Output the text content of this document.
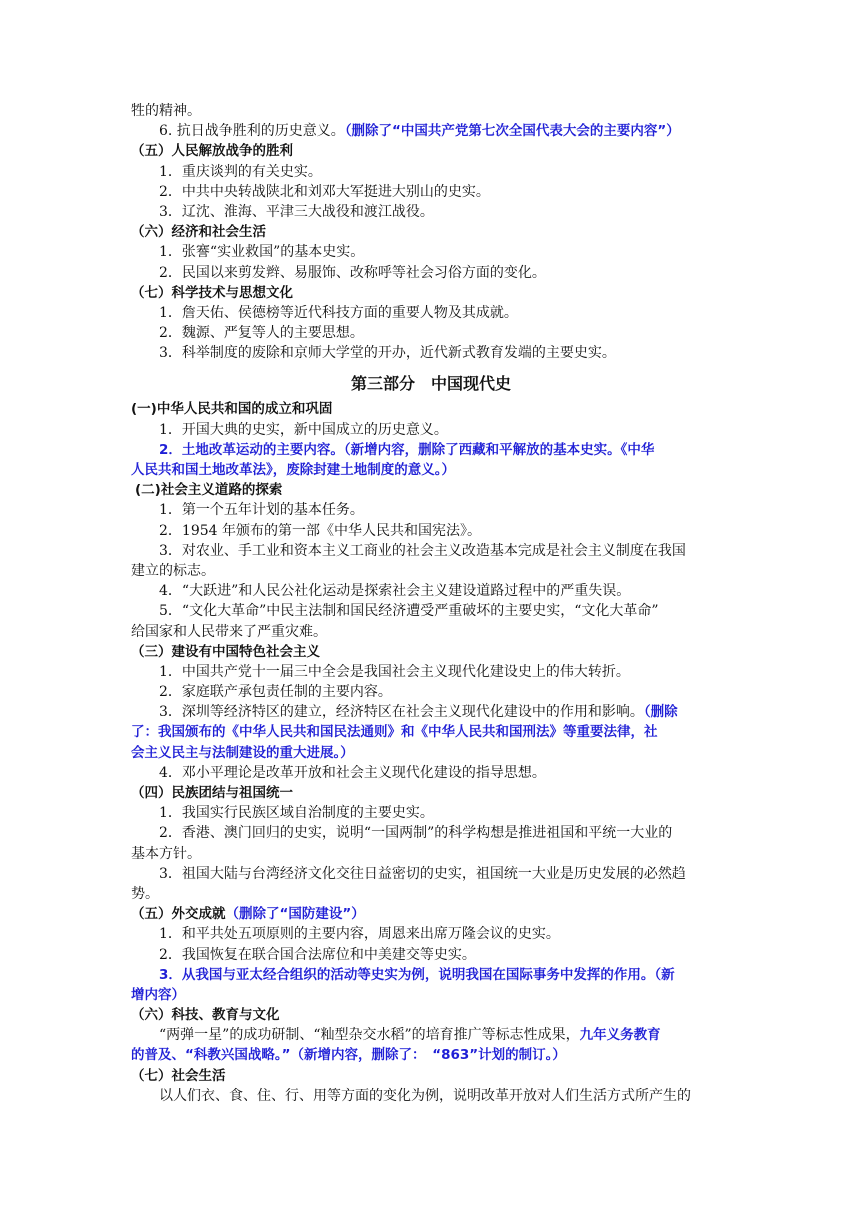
牲的精神。
6. 抗日战争胜利的历史意义。（删除了“中国共产党第七次全国代表大会的主要内容”）
（五）人民解放战争的胜利
1．重庆谈判的有关史实。
2．中共中央转战陕北和刘邓大军挺进大别山的史实。
3．辽沈、淮海、平津三大战役和渡江战役。
（六）经济和社会生活
1．张謇“实业救国”的基本史实。
2．民国以来剪发辫、易服饰、改称呼等社会习俗方面的变化。
（七）科学技术与思想文化
1．詹天佑、侯德榜等近代科技方面的重要人物及其成就。
2．魏源、严复等人的主要思想。
3．科举制度的废除和京师大学堂的开办，近代新式教育发端的主要史实。
第三部分　中国现代史
(一)中华人民共和国的成立和巩固
1．开国大典的史实，新中国成立的历史意义。
2．土地改革运动的主要内容。（新增内容，删除了西藏和平解放的基本史实。《中华
人民共和国土地改革法》，废除封建土地制度的意义。）
(二)社会主义道路的探索
1．第一个五年计划的基本任务。
2．1954 年颁布的第一部《中华人民共和国宪法》。
3．对农业、手工业和资本主义工商业的社会主义改造基本完成是社会主义制度在我国
建立的标志。
4．“大跃进”和人民公社化运动是探索社会主义建设道路过程中的严重失误。
5．“文化大革命”中民主法制和国民经济遭受严重破坏的主要史实，“文化大革命”
给国家和人民带来了严重灾难。
（三）建设有中国特色社会主义
1．中国共产党十一届三中全会是我国社会主义现代化建设史上的伟大转折。
2．家庭联产承包责任制的主要内容。
3．深圳等经济特区的建立，经济特区在社会主义现代化建设中的作用和影响。（删除
了：我国颁布的《中华人民共和国民法通则》和《中华人民共和国刑法》等重要法律，社
会主义民主与法制建设的重大进展。）
4．邓小平理论是改革开放和社会主义现代化建设的指导思想。
（四）民族团结与祖国统一
1．我国实行民族区域自治制度的主要史实。
2．香港、澳门回归的史实，说明“一国两制”的科学构想是推进祖国和平统一大业的
基本方针。
3．祖国大陆与台湾经济文化交往日益密切的史实，祖国统一大业是历史发展的必然趋
势。
（五）外交成就（删除了“国防建设”）
1．和平共处五项原则的主要内容，周恩来出席万隆会议的史实。
2．我国恢复在联合国合法席位和中美建交等史实。
3．从我国与亚太经合组织的活动等史实为例，说明我国在国际事务中发挥的作用。（新
增内容）
（六）科技、教育与文化
“两弹一星”的成功研制、“籼型杂交水稻”的培育推广等标志性成果，九年义务教育
的普及、“科教兴国战略。”（新增内容，删除了：　“863”计划的制订。）
（七）社会生活
以人们衣、食、住、行、用等方面的变化为例，说明改革开放对人们生活方式所产生的
